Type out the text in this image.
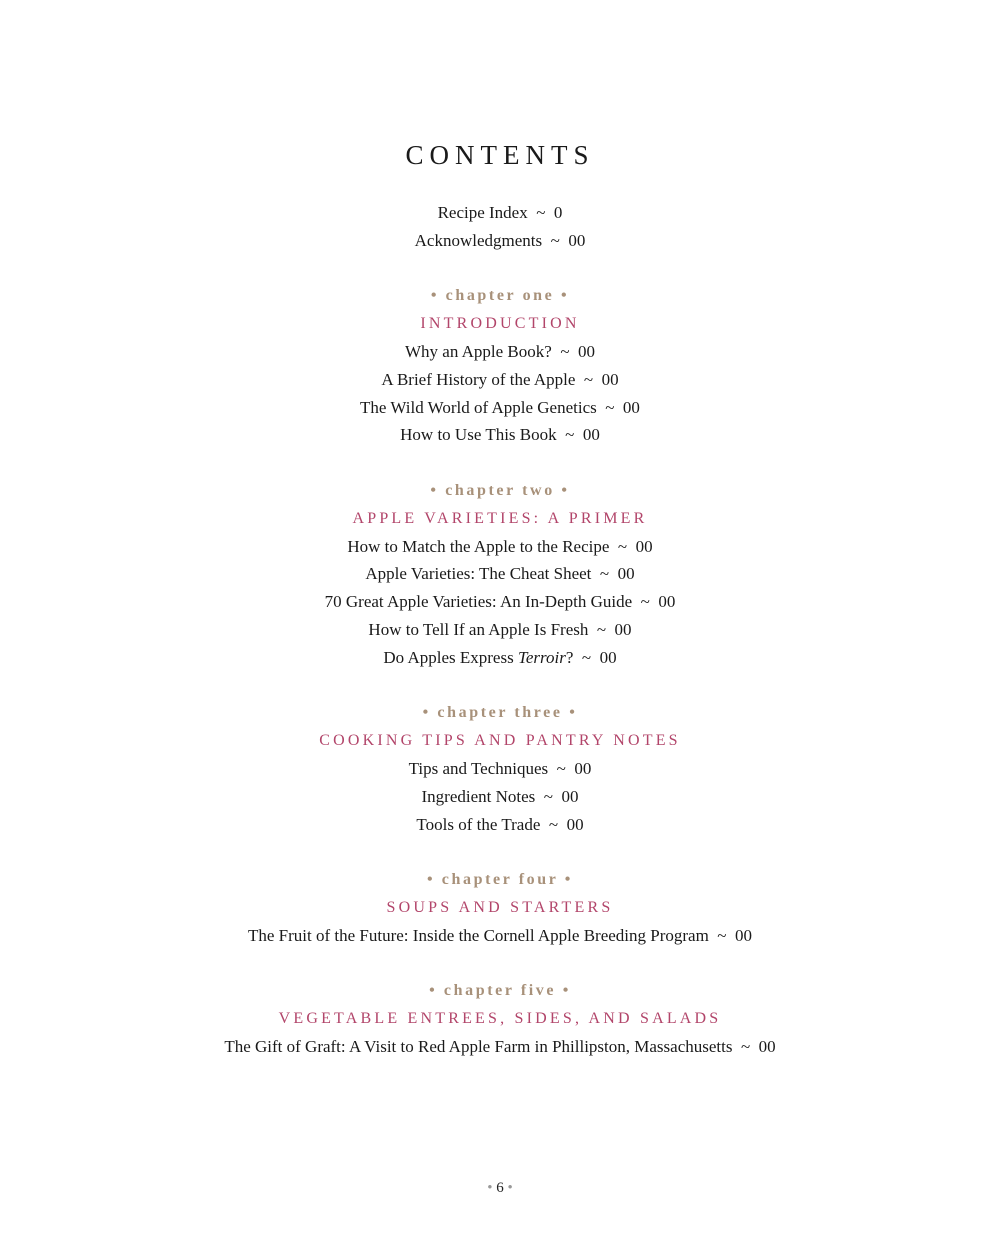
CONTENTS
Recipe Index  ~  0
Acknowledgments  ~  00
• chapter one •
INTRODUCTION
Why an Apple Book?  ~  00
A Brief History of the Apple  ~  00
The Wild World of Apple Genetics  ~  00
How to Use This Book  ~  00
• chapter two •
APPLE VARIETIES: A PRIMER
How to Match the Apple to the Recipe  ~  00
Apple Varieties: The Cheat Sheet  ~  00
70 Great Apple Varieties: An In-Depth Guide  ~  00
How to Tell If an Apple Is Fresh  ~  00
Do Apples Express Terroir?  ~  00
• chapter three •
COOKING TIPS AND PANTRY NOTES
Tips and Techniques  ~  00
Ingredient Notes  ~  00
Tools of the Trade  ~  00
• chapter four •
SOUPS AND STARTERS
The Fruit of the Future: Inside the Cornell Apple Breeding Program  ~  00
• chapter five •
VEGETABLE ENTREES, SIDES, AND SALADS
The Gift of Graft: A Visit to Red Apple Farm in Phillipston, Massachusetts  ~  00
• 6 •
